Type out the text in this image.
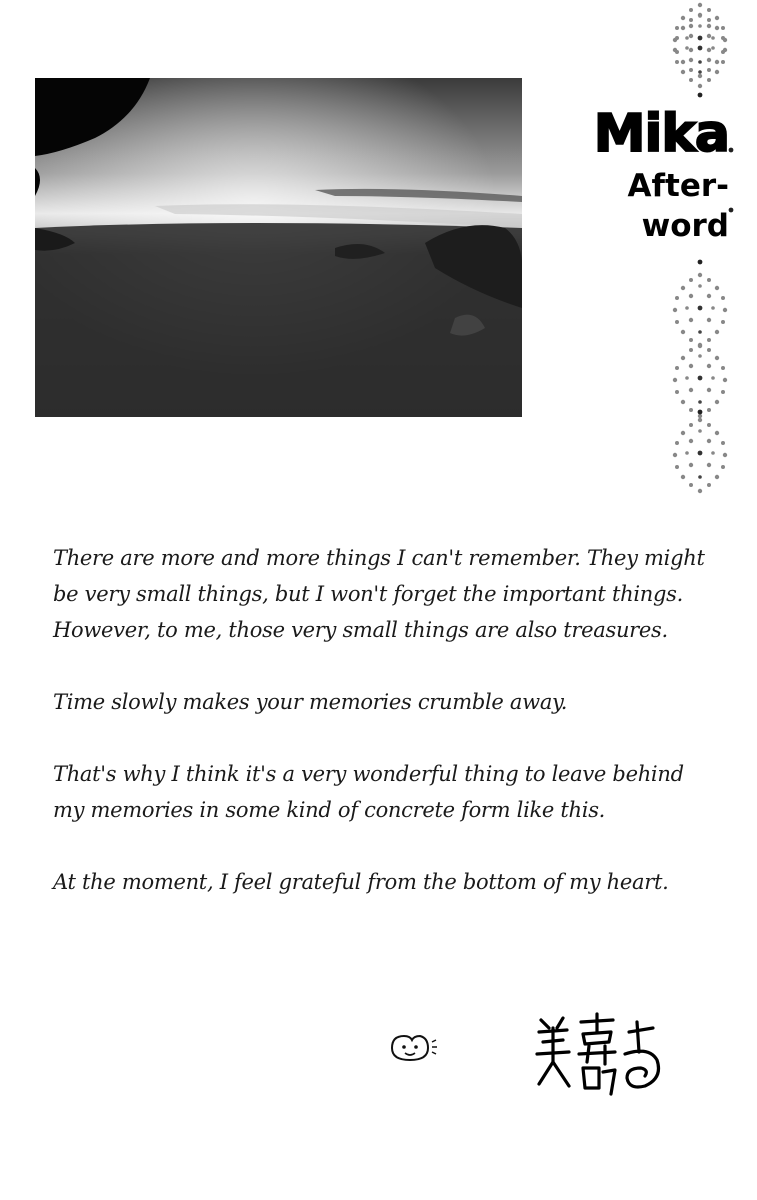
Mika
After-
word

There are more and more things I can't remember. They might be very small things, but I won't forget the important things. However, to me, those very small things are also treasures.

Time slowly makes your memories crumble away.

That's why I think it's a very wonderful thing to leave behind my memories in some kind of concrete form like this.

At the moment, I feel grateful from the bottom of my heart.
